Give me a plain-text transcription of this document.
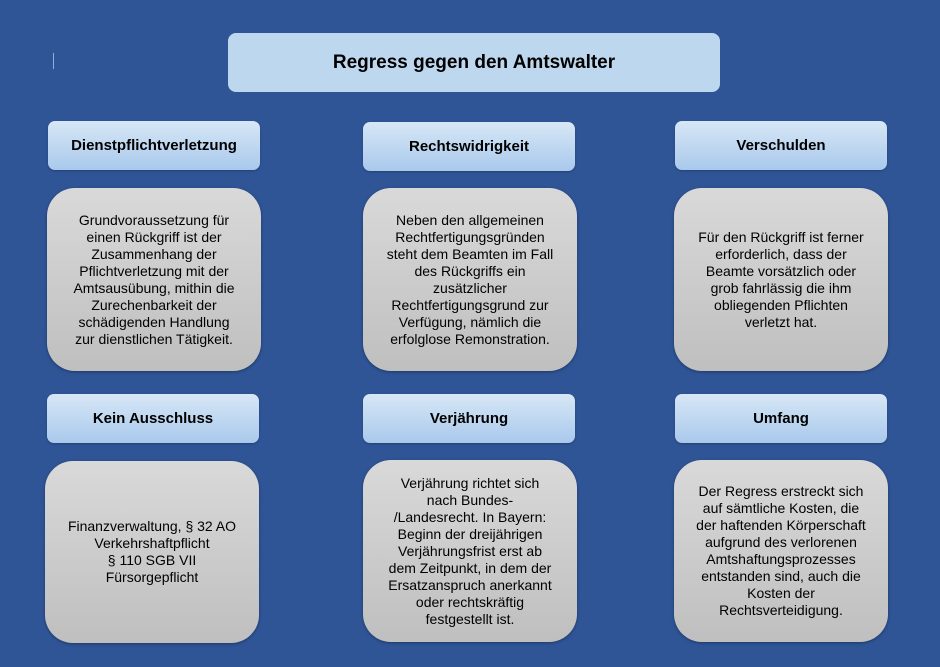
Regress gegen den Amtswalter
Dienstpflichtverletzung	Rechtswidrigkeit	Verschulden
Grundvoraussetzung für
einen Rückgriff ist der
Zusammenhang der
Pflichtverletzung mit der
Amtsausübung, mithin die
Zurechenbarkeit der
schädigenden Handlung
zur dienstlichen Tätigkeit.
Neben den allgemeinen
Rechtfertigungsgründen
steht dem Beamten im Fall
des Rückgriffs ein
zusätzlicher
Rechtfertigungsgrund zur
Verfügung, nämlich die
erfolglose Remonstration.
Für den Rückgriff ist ferner
erforderlich, dass der
Beamte vorsätzlich oder
grob fahrlässig die ihm
obliegenden Pflichten
verletzt hat.
Kein Ausschluss	Verjährung	Umfang
Finanzverwaltung, § 32 AO
Verkehrshaftpflicht
§ 110 SGB VII
Fürsorgepflicht
Verjährung richtet sich
nach Bundes-
/Landesrecht. In Bayern:
Beginn der dreijährigen
Verjährungsfrist erst ab
dem Zeitpunkt, in dem der
Ersatzanspruch anerkannt
oder rechtskräftig
festgestellt ist.
Der Regress erstreckt sich
auf sämtliche Kosten, die
der haftenden Körperschaft
aufgrund des verlorenen
Amtshaftungsprozesses
entstanden sind, auch die
Kosten der
Rechtsverteidigung.
